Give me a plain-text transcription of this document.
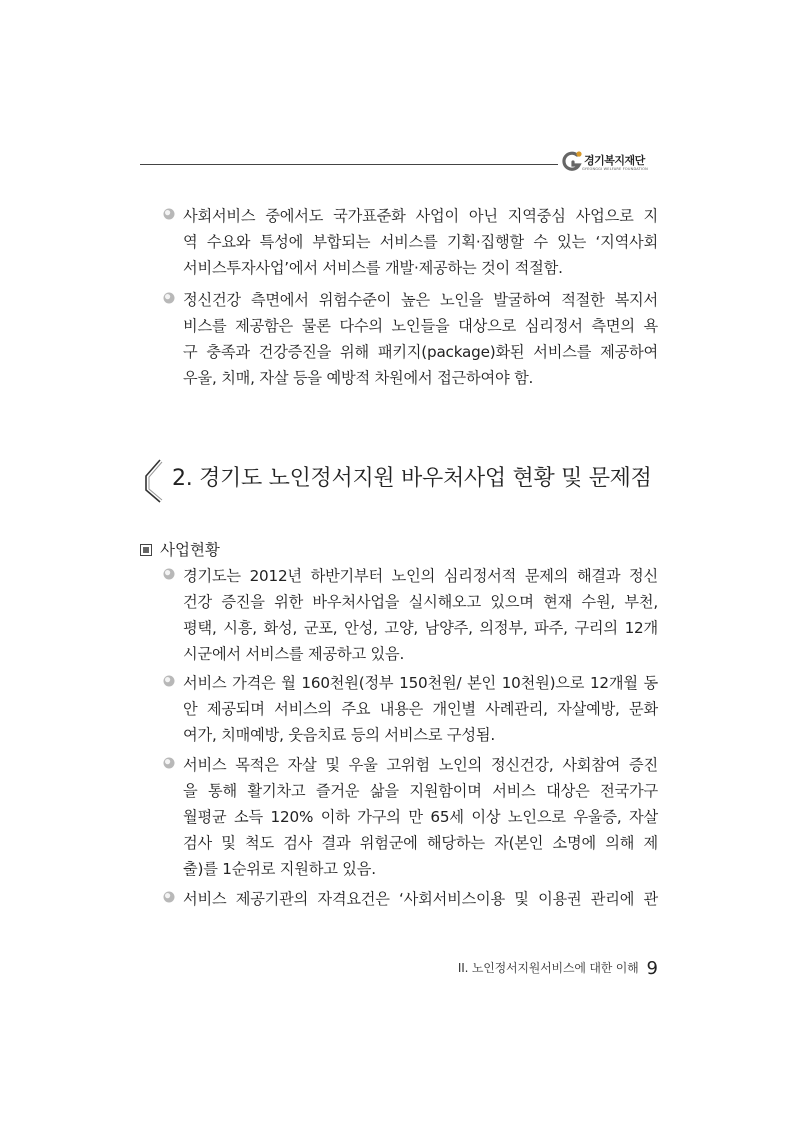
경기복지재단
GYEONGGI WELFARE FOUNDATION
사회서비스 중에서도 국가표준화 사업이 아닌 지역중심 사업으로 지
역 수요와 특성에 부합되는 서비스를 기획·집행할 수 있는 ‘지역사회
서비스투자사업’에서 서비스를 개발·제공하는 것이 적절함.
정신건강 측면에서 위험수준이 높은 노인을 발굴하여 적절한 복지서
비스를 제공함은 물론 다수의 노인들을 대상으로 심리정서 측면의 욕
구 충족과 건강증진을 위해 패키지(package)화된 서비스를 제공하여
우울, 치매, 자살 등을 예방적 차원에서 접근하여야 함.
2. 경기도 노인정서지원 바우처사업 현황 및 문제점
사업현황
경기도는 2012년 하반기부터 노인의 심리정서적 문제의 해결과 정신
건강 증진을 위한 바우처사업을 실시해오고 있으며 현재 수원, 부천,
평택, 시흥, 화성, 군포, 안성, 고양, 남양주, 의정부, 파주, 구리의 12개
시군에서 서비스를 제공하고 있음.
서비스 가격은 월 160천원(정부 150천원/ 본인 10천원)으로 12개월 동
안 제공되며 서비스의 주요 내용은 개인별 사례관리, 자살예방, 문화
여가, 치매예방, 웃음치료 등의 서비스로 구성됨.
서비스 목적은 자살 및 우울 고위험 노인의 정신건강, 사회참여 증진
을 통해 활기차고 즐거운 삶을 지원함이며 서비스 대상은 전국가구
월평균 소득 120% 이하 가구의 만 65세 이상 노인으로 우울증, 자살
검사 및 척도 검사 결과 위험군에 해당하는 자(본인 소명에 의해 제
출)를 1순위로 지원하고 있음.
서비스 제공기관의 자격요건은 ‘사회서비스이용 및 이용권 관리에 관
II. 노인정서지원서비스에 대한 이해 9
